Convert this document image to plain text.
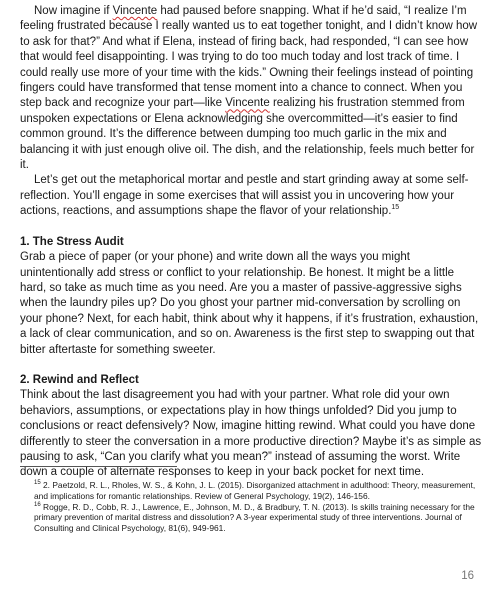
Now imagine if Vincente had paused before snapping. What if he’d said, “I realize I’m feeling frustrated because I really wanted us to eat together tonight, and I didn’t know how to ask for that?” And what if Elena, instead of firing back, had responded, “I can see how that would feel disappointing. I was trying to do too much today and lost track of time. I could really use more of your time with the kids.” Owning their feelings instead of pointing fingers could have transformed that tense moment into a chance to connect. When you step back and recognize your part—like Vincente realizing his frustration stemmed from unspoken expectations or Elena acknowledging she overcommitted—it’s easier to find common ground. It’s the difference between dumping too much garlic in the mix and balancing it with just enough olive oil. The dish, and the relationship, feels much better for it.

Let’s get out the metaphorical mortar and pestle and start grinding away at some self-reflection. You’ll engage in some exercises that will assist you in uncovering how your actions, reactions, and assumptions shape the flavor of your relationship.$^{15}$

1. The Stress Audit

Grab a piece of paper (or your phone) and write down all the ways you might unintentionally add stress or conflict to your relationship. Be honest. It might be a little hard, so take as much time as you need. Are you a master of passive-aggressive sighs when the laundry piles up? Do you ghost your partner mid-conversation by scrolling on your phone? Next, for each habit, think about why it happens, if it’s frustration, exhaustion, a lack of clear communication, and so on. Awareness is the first step to swapping out that bitter aftertaste for something sweeter.

2. Rewind and Reflect

Think about the last disagreement you had with your partner. What role did your own behaviors, assumptions, or expectations play in how things unfolded? Did you jump to conclusions or react defensively? Now, imagine hitting rewind. What could you have done differently to steer the conversation in a more productive direction? Maybe it’s as simple as pausing to ask, “Can you clarify what you mean?” instead of assuming the worst. Write down a couple of alternate responses to keep in your back pocket for next time.

$^{15}$ 2. Paetzold, R. L., Rholes, W. S., & Kohn, J. L. (2015). Disorganized attachment in adulthood: Theory, measurement, and implications for romantic relationships. Review of General Psychology, 19(2), 146-156.

$^{16}$ Rogge, R. D., Cobb, R. J., Lawrence, E., Johnson, M. D., & Bradbury, T. N. (2013). Is skills training necessary for the primary prevention of marital distress and dissolution? A 3-year experimental study of three interventions. Journal of Consulting and Clinical Psychology, 81(6), 949-961.

16
